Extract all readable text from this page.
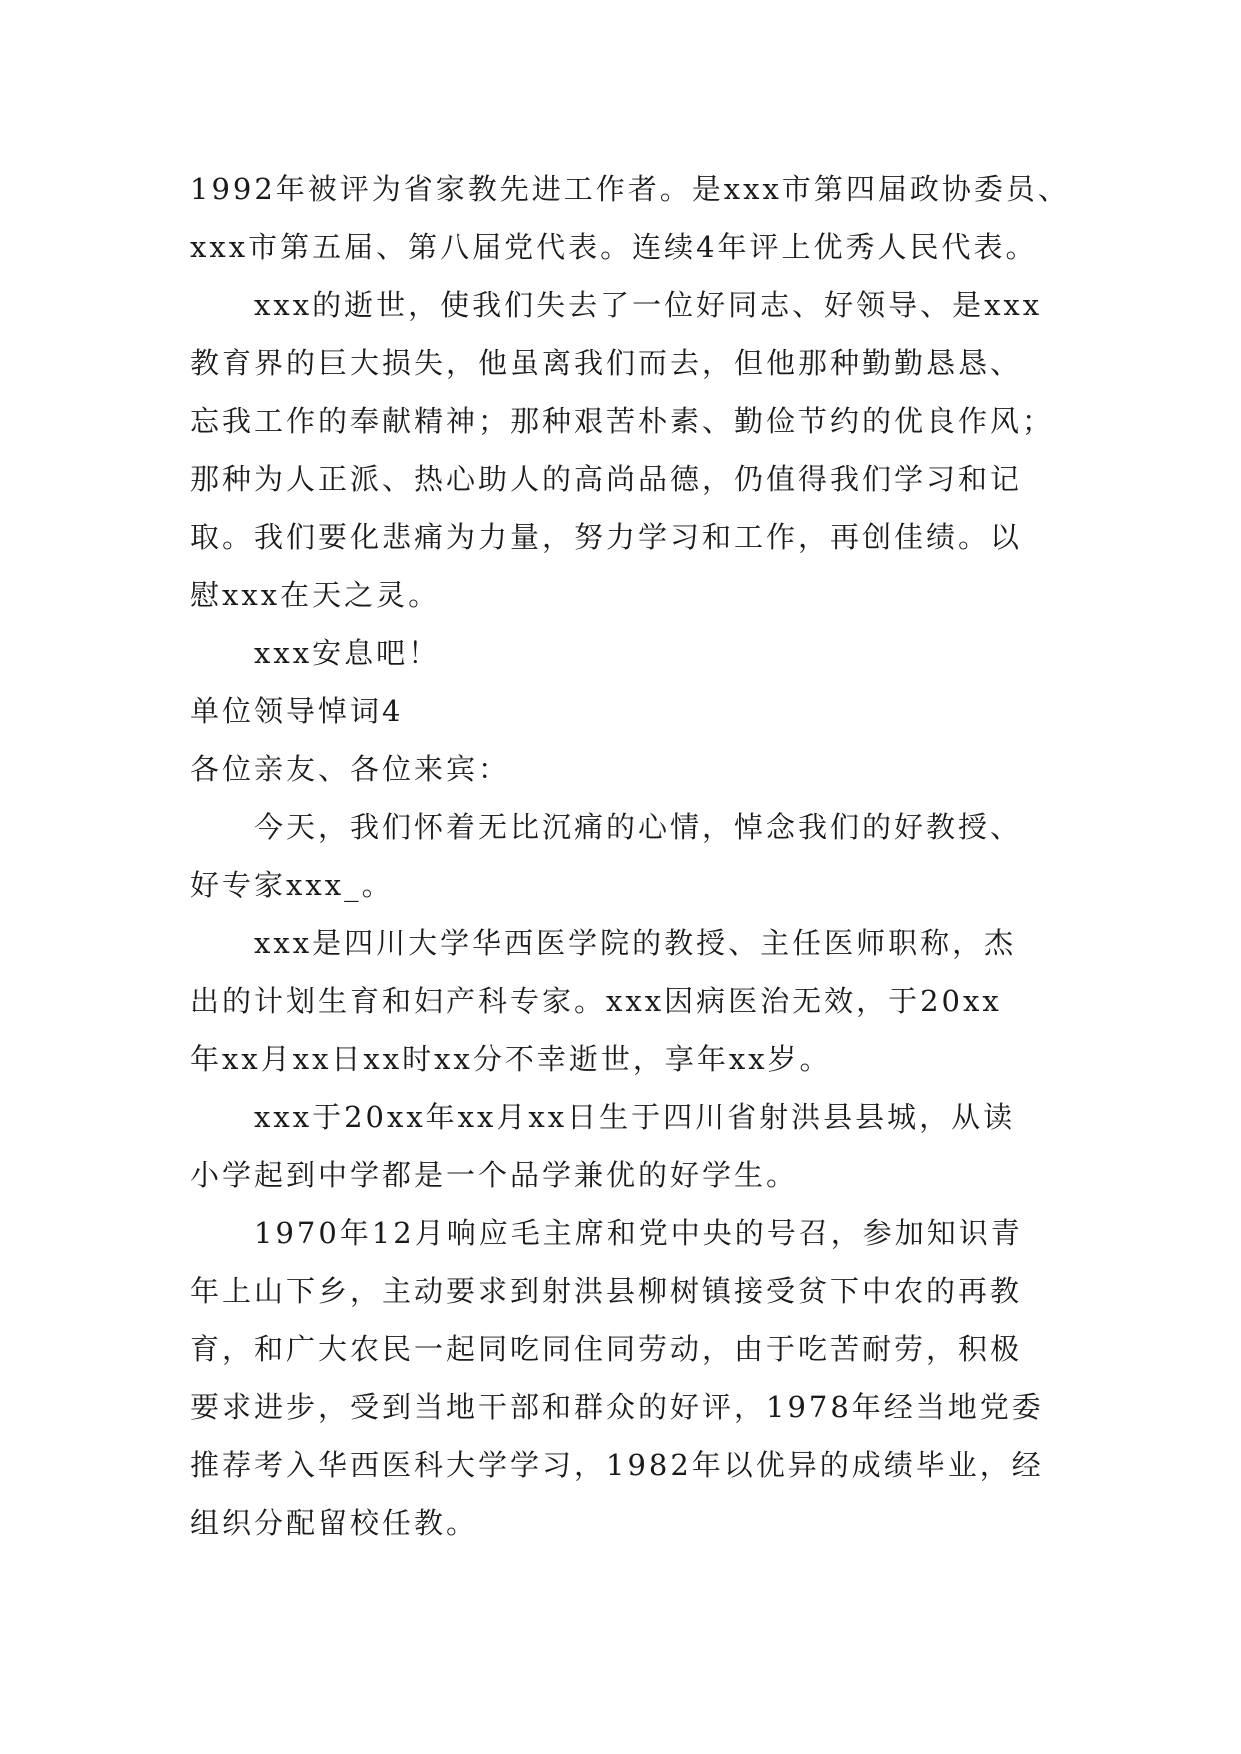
1992年被评为省家教先进工作者。是xxx市第四届政协委员、
xxx市第五届、第八届党代表。连续4年评上优秀人民代表。
xxx的逝世，使我们失去了一位好同志、好领导、是xxx
教育界的巨大损失，他虽离我们而去，但他那种勤勤恳恳、
忘我工作的奉献精神；那种艰苦朴素、勤俭节约的优良作风；
那种为人正派、热心助人的高尚品德，仍值得我们学习和记
取。我们要化悲痛为力量，努力学习和工作，再创佳绩。以
慰xxx在天之灵。
xxx安息吧！
单位领导悼词4
各位亲友、各位来宾：
今天，我们怀着无比沉痛的心情，悼念我们的好教授、
好专家xxx_。
xxx是四川大学华西医学院的教授、主任医师职称，杰
出的计划生育和妇产科专家。xxx因病医治无效，于20xx
年xx月xx日xx时xx分不幸逝世，享年xx岁。
xxx于20xx年xx月xx日生于四川省射洪县县城，从读
小学起到中学都是一个品学兼优的好学生。
1970年12月响应毛主席和党中央的号召，参加知识青
年上山下乡，主动要求到射洪县柳树镇接受贫下中农的再教
育，和广大农民一起同吃同住同劳动，由于吃苦耐劳，积极
要求进步，受到当地干部和群众的好评，1978年经当地党委
推荐考入华西医科大学学习，1982年以优异的成绩毕业，经
组织分配留校任教。
